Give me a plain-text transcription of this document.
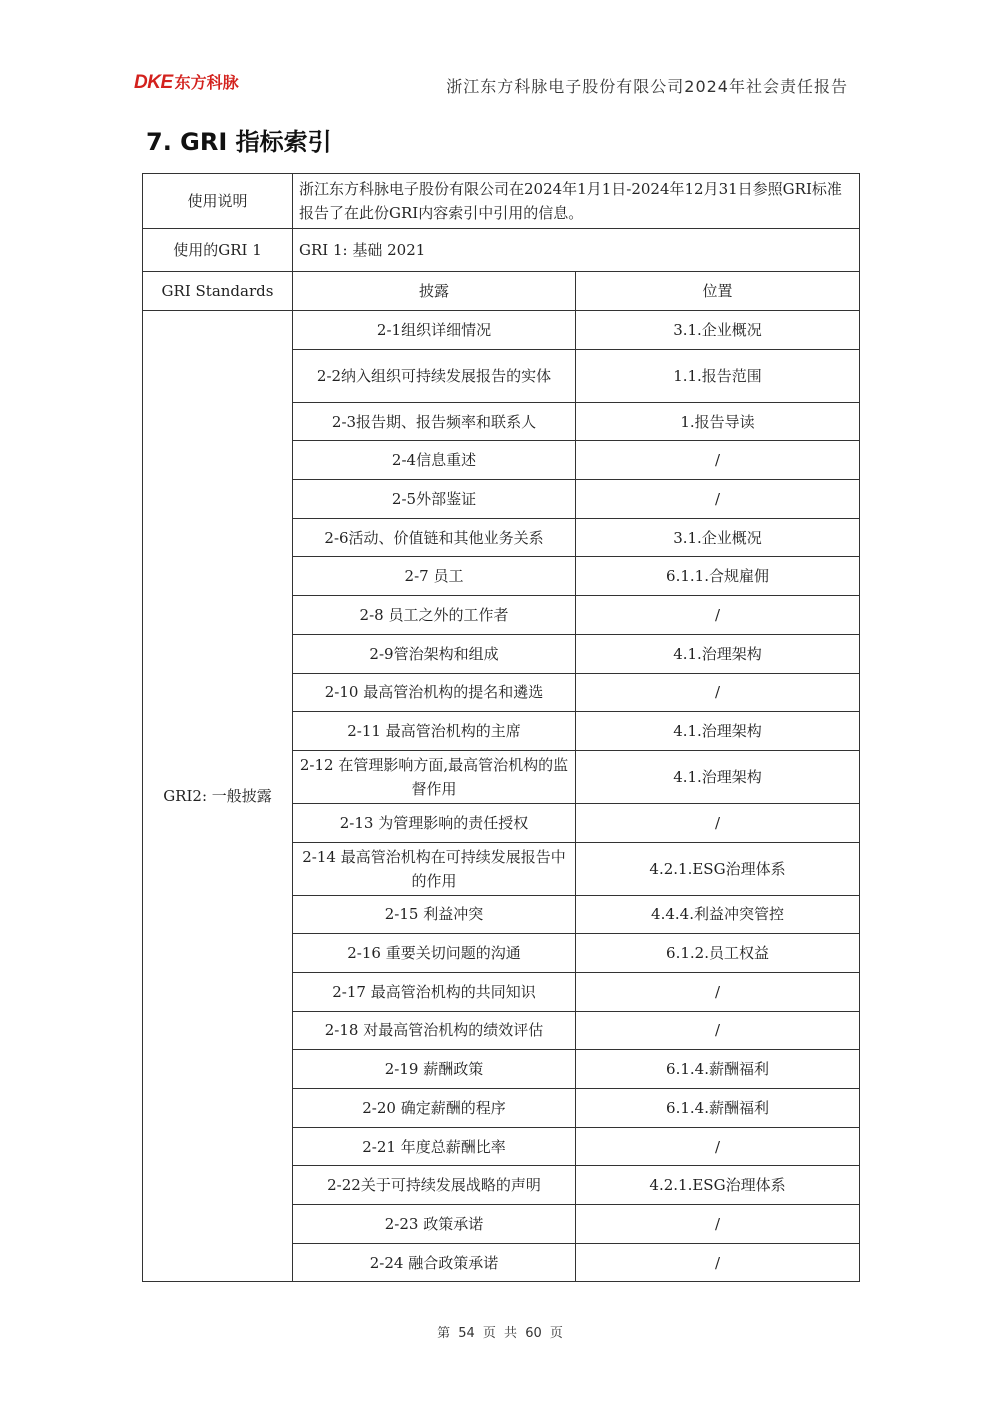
DKE 东方科脉	浙江东方科脉电子股份有限公司2024年社会责任报告
7. GRI 指标索引
使用说明	浙江东方科脉电子股份有限公司在2024年1月1日-2024年12月31日参照GRI标准报告了在此份GRI内容索引中引用的信息。	
使用的GRI 1	GRI 1: 基础 2021	
GRI Standards	披露	位置
GRI2: 一般披露	2-1组织详细情况	3.1.企业概况
	2-2纳入组织可持续发展报告的实体	1.1.报告范围
	2-3报告期、报告频率和联系人	1.报告导读
	2-4信息重述	/
	2-5外部鉴证	/
	2-6活动、价值链和其他业务关系	3.1.企业概况
	2-7 员工	6.1.1.合规雇佣
	2-8 员工之外的工作者	/
	2-9管治架构和组成	4.1.治理架构
	2-10 最高管治机构的提名和遴选	/
	2-11 最高管治机构的主席	4.1.治理架构
	2-12 在管理影响方面,最高管治机构的监督作用	4.1.治理架构
	2-13 为管理影响的责任授权	/
	2-14 最高管治机构在可持续发展报告中的作用	4.2.1.ESG治理体系
	2-15 利益冲突	4.4.4.利益冲突管控
	2-16 重要关切问题的沟通	6.1.2.员工权益
	2-17 最高管治机构的共同知识	/
	2-18 对最高管治机构的绩效评估	/
	2-19 薪酬政策	6.1.4.薪酬福利
	2-20 确定薪酬的程序	6.1.4.薪酬福利
	2-21 年度总薪酬比率	/
	2-22关于可持续发展战略的声明	4.2.1.ESG治理体系
	2-23 政策承诺	/
	2-24 融合政策承诺	/
第 54 页 共 60 页
